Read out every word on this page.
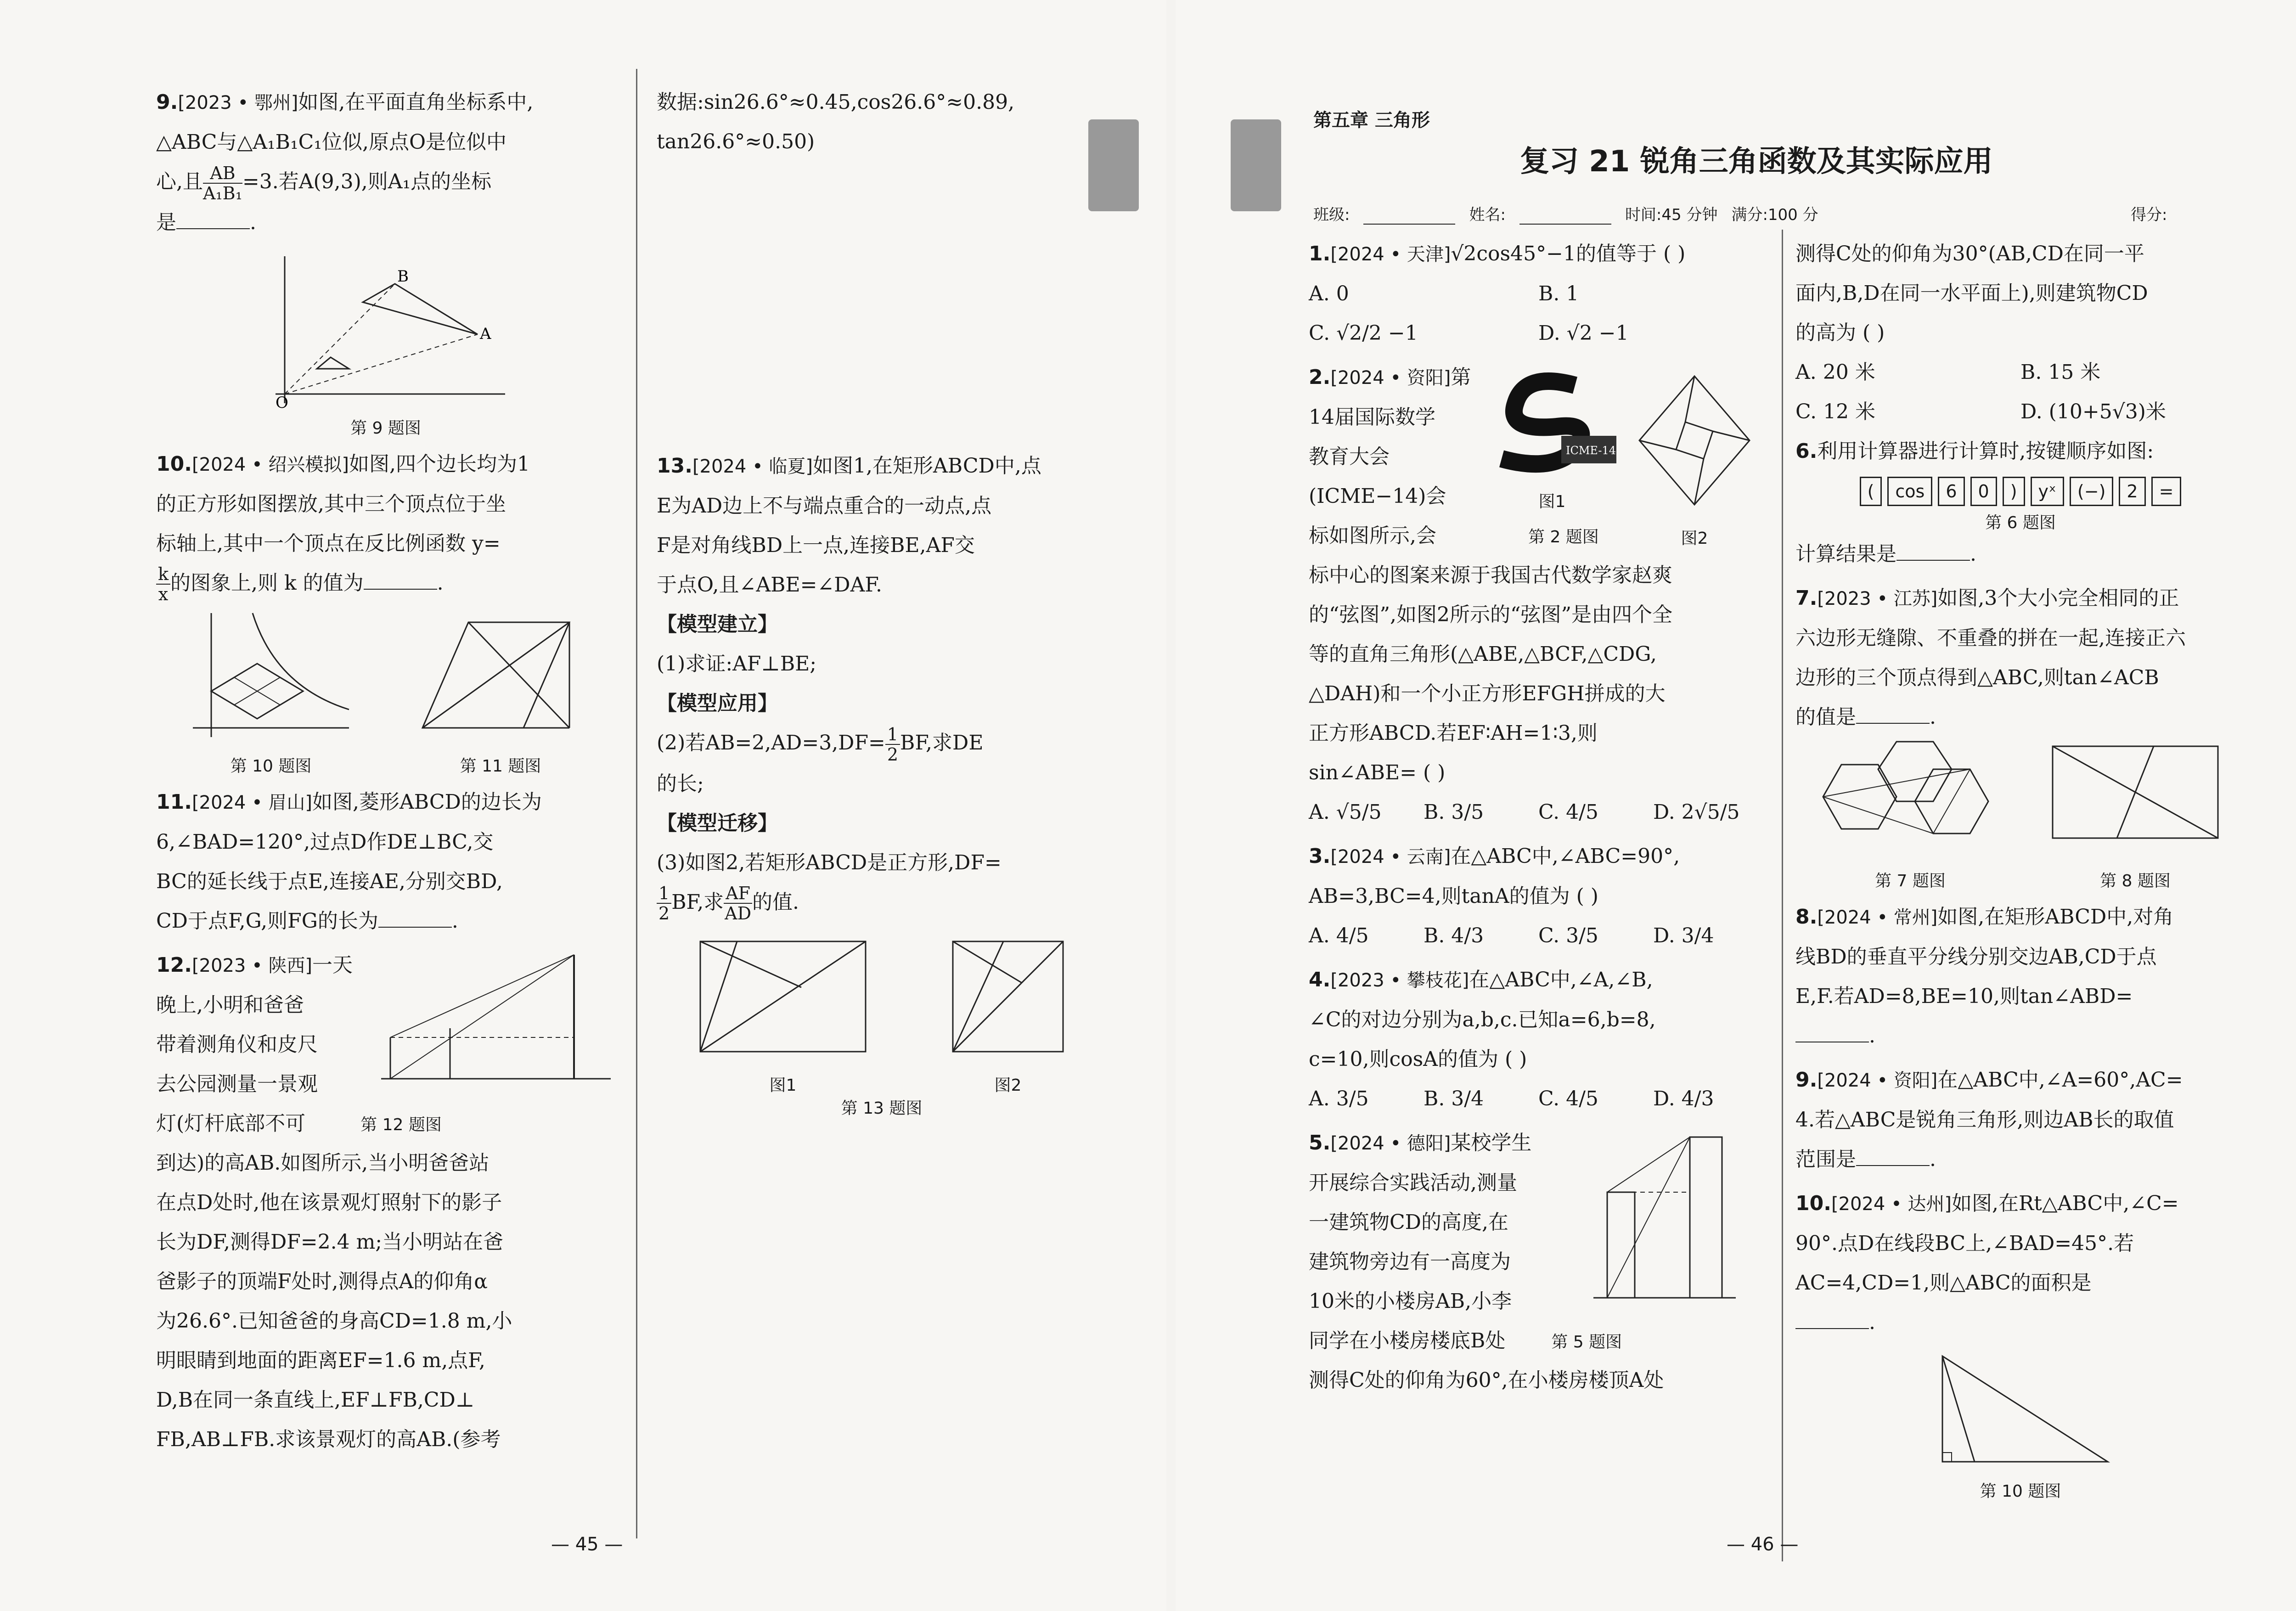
9.[2023 • 鄂州]如图,在平面直角坐标系中,

△ABC与△A₁B₁C₁位似,原点O是位似中

心,且 $\frac{AB}{\text{A₁B₁}} =3$.若A(9,3),则A₁点的坐标

是	.

O
B
A
第 9 题图

10.[2024 • 绍兴模拟]如图,四个边长均为1

的正方形如图摆放,其中三个顶点位于坐

标轴上,其中一个顶点在反比例函数 y=

$\frac{k}{x}$ 的图象上,则 k 的值为	.

第 10 题图	第 11 题图

11.[2024 • 眉山]如图,菱形ABCD的边长为

6,∠BAD=120°,过点D作DE⊥BC,交

BC的延长线于点E,连接AE,分别交BD,

CD于点F,G,则FG的长为	.

12.[2023 • 陕西]一天

晚上,小明和爸爸

带着测角仪和皮尺

去公园测量一景观

灯(灯杆底部不可	第 12 题图

到达)的高AB.如图所示,当小明爸爸站

在点D处时,他在该景观灯照射下的影子

长为DF,测得DF=2.4 m;当小明站在爸

爸影子的顶端F处时,测得点A的仰角α

为26.6°.已知爸爸的身高CD=1.8 m,小

明眼睛到地面的距离EF=1.6 m,点F,

D,B在同一条直线上,EF⊥FB,CD⊥

FB,AB⊥FB.求该景观灯的高AB.(参考

数据:sin26.6°≈0.45,cos26.6°≈0.89,

tan26.6°≈0.50)

13.[2024 • 临夏]如图1,在矩形ABCD中,点

E为AD边上不与端点重合的一动点,点

F是对角线BD上一点,连接BE,AF交

于点O,且∠ABE=∠DAF.

【模型建立】

(1)求证:AF⊥BE;

【模型应用】

(2)若$AB=2,AD=3,DF= \frac{1}{2}$ BF,求DE

的长;

【模型迁移】

(3)如图2,若矩形ABCD是正方形,DF=

$\frac{1}{2}$ BF,求 $\frac{AF}{AD}$ 的值.

图1	图2
第 13 题图
— 45 —
第五章 三角形
复习 21 锐角三角函数及其实际应用
班级:	姓名:	时间:45 分钟 满分:100 分	得分:

1.[2024 • 天津]√2cos45°−1的值等于 ( )

A. 0	B. 1
C. √2/2 −1	D. √2 −1
ICME-14
图1
图2

2.[2024 • 资阳]第

14届国际数学

教育大会

(ICME−14)会

标如图所示,会	第 2 题图

标中心的图案来源于我国古代数学家赵爽

的“弦图”,如图2所示的“弦图”是由四个全

等的直角三角形(△ABE,△BCF,△CDG,

△DAH)和一个小正方形EFGH拼成的大

正方形ABCD.若EF∶AH=1∶3,则

sin∠ABE= ( )

A. √5/5	B. 3/5	C. 4/5	D. 2√5/5

3.[2024 • 云南]在△ABC中,∠ABC=90°,

AB=3,BC=4,则tanA的值为 ( )

A. 4/5	B. 4/3	C. 3/5	D. 3/4

4.[2023 • 攀枝花]在△ABC中,∠A,∠B,

∠C的对边分别为a,b,c.已知a=6,b=8,

c=10,则cosA的值为 ( )

A. 3/5	B. 3/4	C. 4/5	D. 4/3

5.[2024 • 德阳]某校学生

开展综合实践活动,测量

一建筑物CD的高度,在

建筑物旁边有一高度为

10米的小楼房AB,小李

同学在小楼房楼底B处	第 5 题图

测得C处的仰角为60°,在小楼房楼顶A处

测得C处的仰角为30°(AB,CD在同一平

面内,B,D在同一水平面上),则建筑物CD

的高为 ( )

A. 20 米	B. 15 米
C. 12 米	D. (10+5√3)米

6.利用计算器进行计算时,按键顺序如图:

(	cos	6	0	)	yˣ	(−)	2	=
第 6 题图

计算结果是	.

7.[2023 • 江苏]如图,3个大小完全相同的正

六边形无缝隙、不重叠的拼在一起,连接正六

边形的三个顶点得到△ABC,则tan∠ACB

的值是	.

第 7 题图	第 8 题图

8.[2024 • 常州]如图,在矩形ABCD中,对角

线BD的垂直平分线分别交边AB,CD于点

E,F.若AD=8,BE=10,则tan∠ABD=

.

9.[2024 • 资阳]在△ABC中,∠A=60°,AC=

4.若△ABC是锐角三角形,则边AB长的取值

范围是	.

10.[2024 • 达州]如图,在Rt△ABC中,∠C=

90°.点D在线段BC上,∠BAD=45°.若

AC=4,CD=1,则△ABC的面积是

.

第 10 题图
— 46 —
